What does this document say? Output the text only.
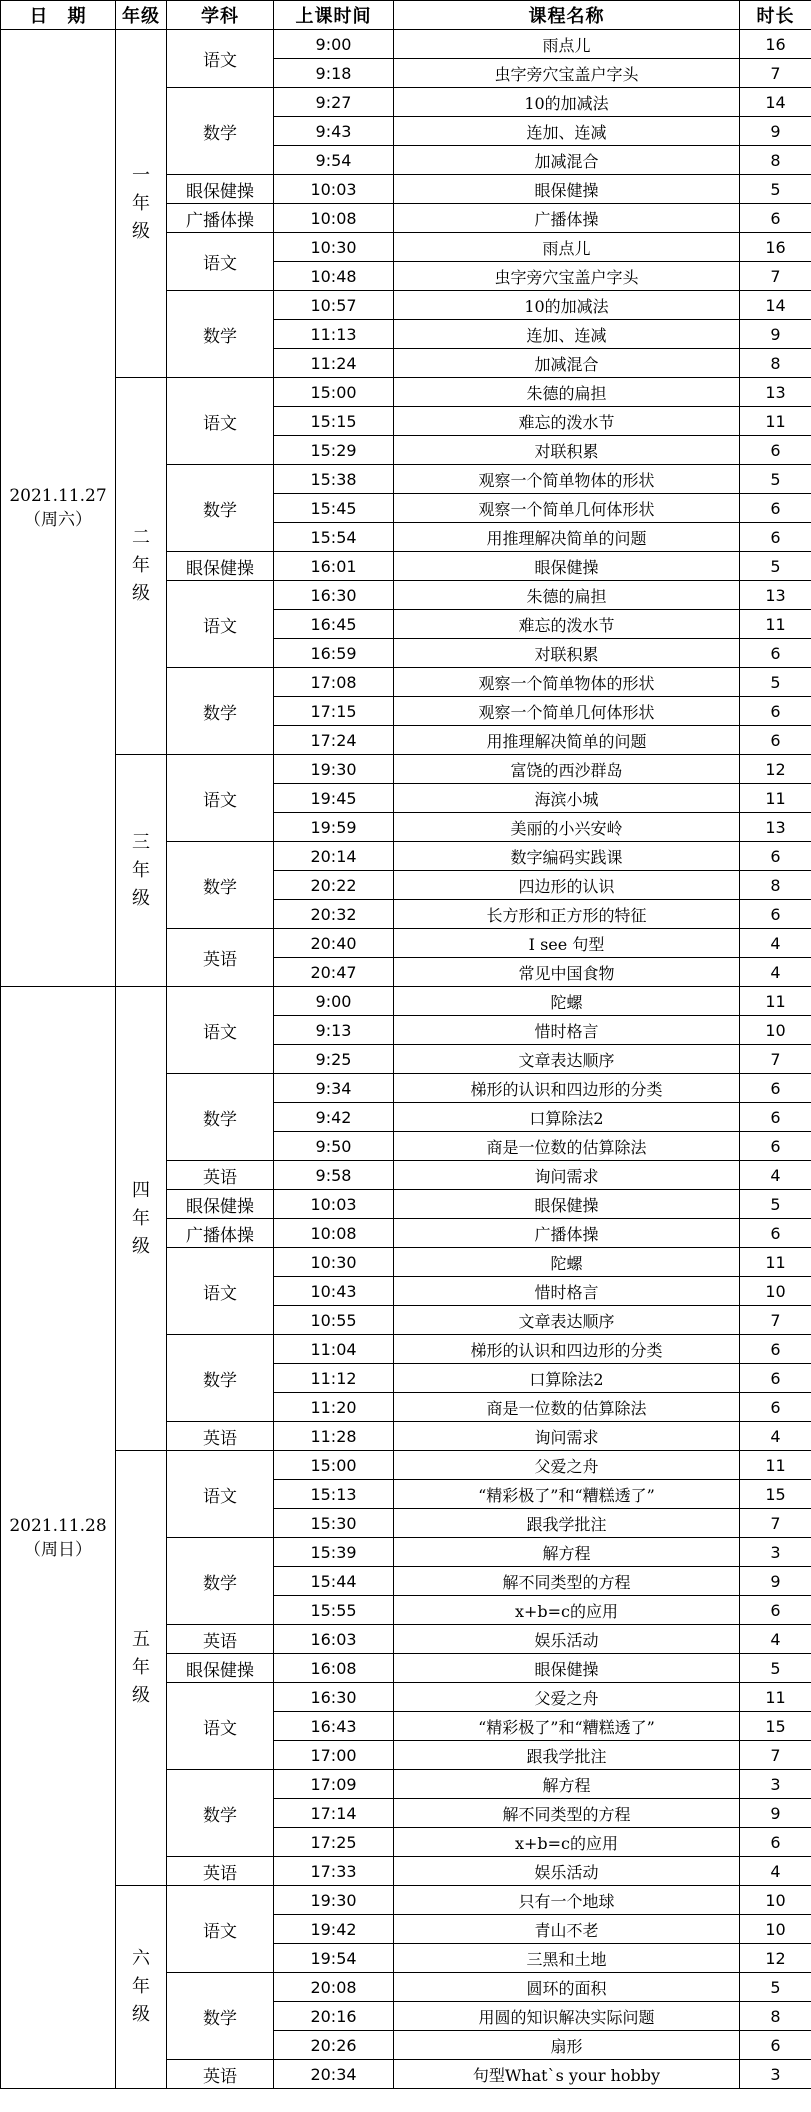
日　期	年级	学科	上课时间	课程名称	时长

2021.11.27
（周六）	一年级	语文	9:00	雨点儿	16
			9:18	虫字旁穴宝盖户字头	7
		数学	9:27	10的加减法	14
			9:43	连加、连减	9
			9:54	加减混合	8
		眼保健操	10:03	眼保健操	5
		广播体操	10:08	广播体操	6
		语文	10:30	雨点儿	16
			10:48	虫字旁穴宝盖户字头	7
		数学	10:57	10的加减法	14
			11:13	连加、连减	9
			11:24	加减混合	8
	二年级	语文	15:00	朱德的扁担	13
			15:15	难忘的泼水节	11
			15:29	对联积累	6
		数学	15:38	观察一个简单物体的形状	5
			15:45	观察一个简单几何体形状	6
			15:54	用推理解决简单的问题	6
		眼保健操	16:01	眼保健操	5
		语文	16:30	朱德的扁担	13
			16:45	难忘的泼水节	11
			16:59	对联积累	6
		数学	17:08	观察一个简单物体的形状	5
			17:15	观察一个简单几何体形状	6
			17:24	用推理解决简单的问题	6
	三年级	语文	19:30	富饶的西沙群岛	12
			19:45	海滨小城	11
			19:59	美丽的小兴安岭	13
		数学	20:14	数字编码实践课	6
			20:22	四边形的认识	8
			20:32	长方形和正方形的特征	6
		英语	20:40	I see 句型	4
			20:47	常见中国食物	4

2021.11.28
（周日）	四年级	语文	9:00	陀螺	11
			9:13	惜时格言	10
			9:25	文章表达顺序	7
		数学	9:34	梯形的认识和四边形的分类	6
			9:42	口算除法2	6
			9:50	商是一位数的估算除法	6
		英语	9:58	询问需求	4
		眼保健操	10:03	眼保健操	5
		广播体操	10:08	广播体操	6
		语文	10:30	陀螺	11
			10:43	惜时格言	10
			10:55	文章表达顺序	7
		数学	11:04	梯形的认识和四边形的分类	6
			11:12	口算除法2	6
			11:20	商是一位数的估算除法	6
		英语	11:28	询问需求	4
	五年级	语文	15:00	父爱之舟	11
			15:13	“精彩极了”和“糟糕透了”	15
			15:30	跟我学批注	7
		数学	15:39	解方程	3
			15:44	解不同类型的方程	9
			15:55	x+b=c的应用	6
		英语	16:03	娱乐活动	4
		眼保健操	16:08	眼保健操	5
		语文	16:30	父爱之舟	11
			16:43	“精彩极了”和“糟糕透了”	15
			17:00	跟我学批注	7
		数学	17:09	解方程	3
			17:14	解不同类型的方程	9
			17:25	x+b=c的应用	6
		英语	17:33	娱乐活动	4
	六年级	语文	19:30	只有一个地球	10
			19:42	青山不老	10
			19:54	三黑和土地	12
		数学	20:08	圆环的面积	5
			20:16	用圆的知识解决实际问题	8
			20:26	扇形	6
		英语	20:34	句型What`s your hobby	3
